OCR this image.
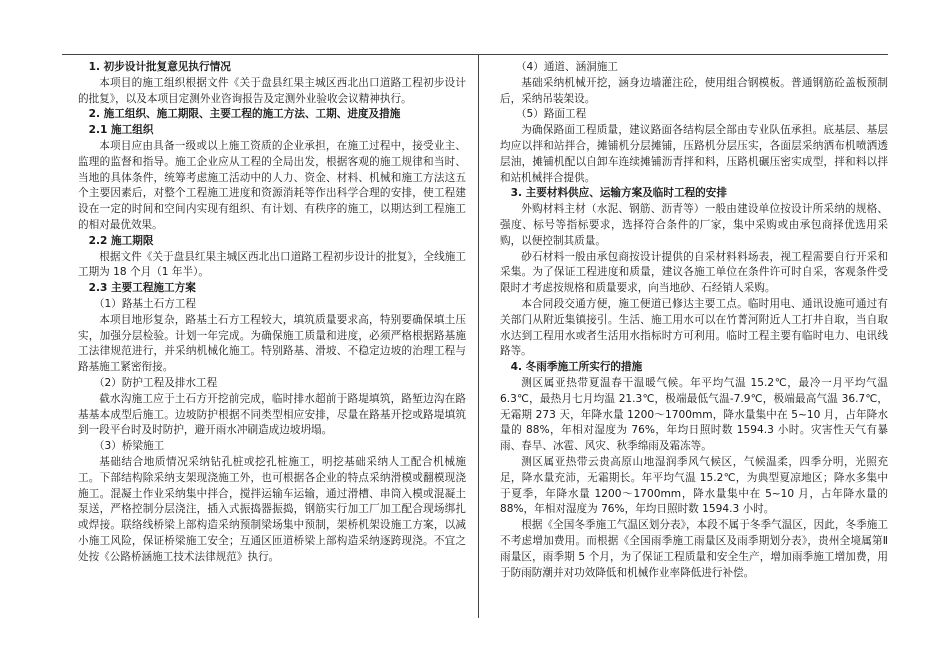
1. 初步设计批复意见执行情况

本项目的施工组织根据文件《关于盘县红果主城区西北出口道路工程初步设计的批复》，以及本项目定测外业咨询报告及定测外业验收会议精神执行。

2. 施工组织、施工期限、主要工程的施工方法、工期、进度及措施

2.1 施工组织

本项目应由具备一级或以上施工资质的企业承担，在施工过程中，接受业主、监理的监督和指导。施工企业应从工程的全局出发，根据客观的施工规律和当时、当地的具体条件，统筹考虑施工活动中的人力、资金、材料、机械和施工方法这五个主要因素后，对整个工程施工进度和资源消耗等作出科学合理的安排，使工程建设在一定的时间和空间内实现有组织、有计划、有秩序的施工，以期达到工程施工的相对最优效果。

2.2 施工期限

根据文件《关于盘县红果主城区西北出口道路工程初步设计的批复》，全线施工工期为 18 个月（1 年半）。

2.3 主要工程施工方案

（1）路基土石方工程

本项目地形复杂，路基土石方工程较大，填筑质量要求高，特别要确保填土压实，加强分层检验。计划一年完成。为确保施工质量和进度，必须严格根据路基施工法律规范进行，并采纳机械化施工。特别路基、滑坡、不稳定边坡的治理工程与路基施工紧密衔接。

（2）防护工程及排水工程

截水沟施工应于土石方开挖前完成，临时排水超前于路堤填筑，路堑边沟在路基基本成型后施工。边坡防护根据不同类型相应安排，尽量在路基开挖或路堤填筑到一段平台时及时防护，避开雨水冲刷造成边坡坍塌。

（3）桥梁施工

基础结合地质情况采纳钻孔桩或挖孔桩施工，明挖基础采纳人工配合机械施工。下部结构除采纳支架现浇施工外，也可根据各企业的特点采纳滑模或翻模现浇施工。混凝土作业采纳集中拌合，搅拌运输车运输，通过滑槽、串筒入模或混凝土泵送，严格控制分层浇注，插入式振捣器振捣，钢筋实行加工厂加工配合现场绑扎或焊接。联络线桥梁上部构造采纳预制梁场集中预制，架桥机架设施工方案，以减小施工风险，保证桥梁施工安全；互通区匝道桥梁上部构造采纳逐跨现浇。不宜之处按《公路桥涵施工技术法律规范》执行。

（4）通道、涵洞施工

基础采纳机械开挖，涵身边墙灌注砼，使用组合钢模板。普通钢筋砼盖板预制后，采纳吊装架设。

（5）路面工程

为确保路面工程质量，建议路面各结构层全部由专业队伍承担。底基层、基层均应以拌和站拌合，摊铺机分层摊铺，压路机分层压实，各面层采纳洒布机喷洒透层油，摊铺机配以自卸车连续摊铺沥青拌和料，压路机碾压密实成型，拌和料以拌和站机械拌合提供。

3. 主要材料供应、运输方案及临时工程的安排

外购材料主材（水泥、钢筋、沥青等）一般由建设单位按设计所采纳的规格、强度、标号等指标要求，选择符合条件的厂家，集中采购或由承包商择优选用采购，以便控制其质量。

砂石材料一般由承包商按设计提供的自采材料料场表，视工程需要自行开采和采集。为了保证工程进度和质量，建议各施工单位在条件许可时自采，客观条件受限时才考虑按规格和质量要求，向当地砂、石经销人采购。

本合同段交通方便，施工便道已修达主要工点。临时用电、通讯设施可通过有关部门从附近集镇接引。生活、施工用水可以在竹菁河附近人工打井自取，当自取水达到工程用水或者生活用水指标时方可利用。临时工程主要有临时电力、电讯线路等。

4. 冬雨季施工所实行的措施

测区属亚热带夏温春干温暖气候。年平均气温 15.2℃，最冷一月平均气温6.3℃，最热月七月均温 21.3℃，极端最低气温-7.9℃，极端最高气温 36.7℃，无霜期 273 天，年降水量 1200～1700mm，降水量集中在 5~10 月，占年降水量的 88%，年相对湿度为 76%，年均日照时数 1594.3 小时。灾害性天气有暴雨、春旱、冰雹、风灾、秋季绵雨及霜冻等。

测区属亚热带云贵高原山地湿润季风气候区，气候温柔，四季分明，光照充足，降水量充沛，无霜期长。年平均气温 15.2℃，为典型夏凉地区；降水多集中于夏季，年降水量 1200～1700mm，降水量集中在 5~10 月，占年降水量的 88%，年相对湿度为 76%，年均日照时数 1594.3 小时。

根据《全国冬季施工气温区划分表》，本段不属于冬季气温区，因此，冬季施工不考虑增加费用。而根据《全国雨季施工雨量区及雨季期划分表》，贵州全境属第Ⅱ雨量区，雨季期 5 个月，为了保证工程质量和安全生产，增加雨季施工增加费，用于防雨防潮并对功效降低和机械作业率降低进行补偿。
